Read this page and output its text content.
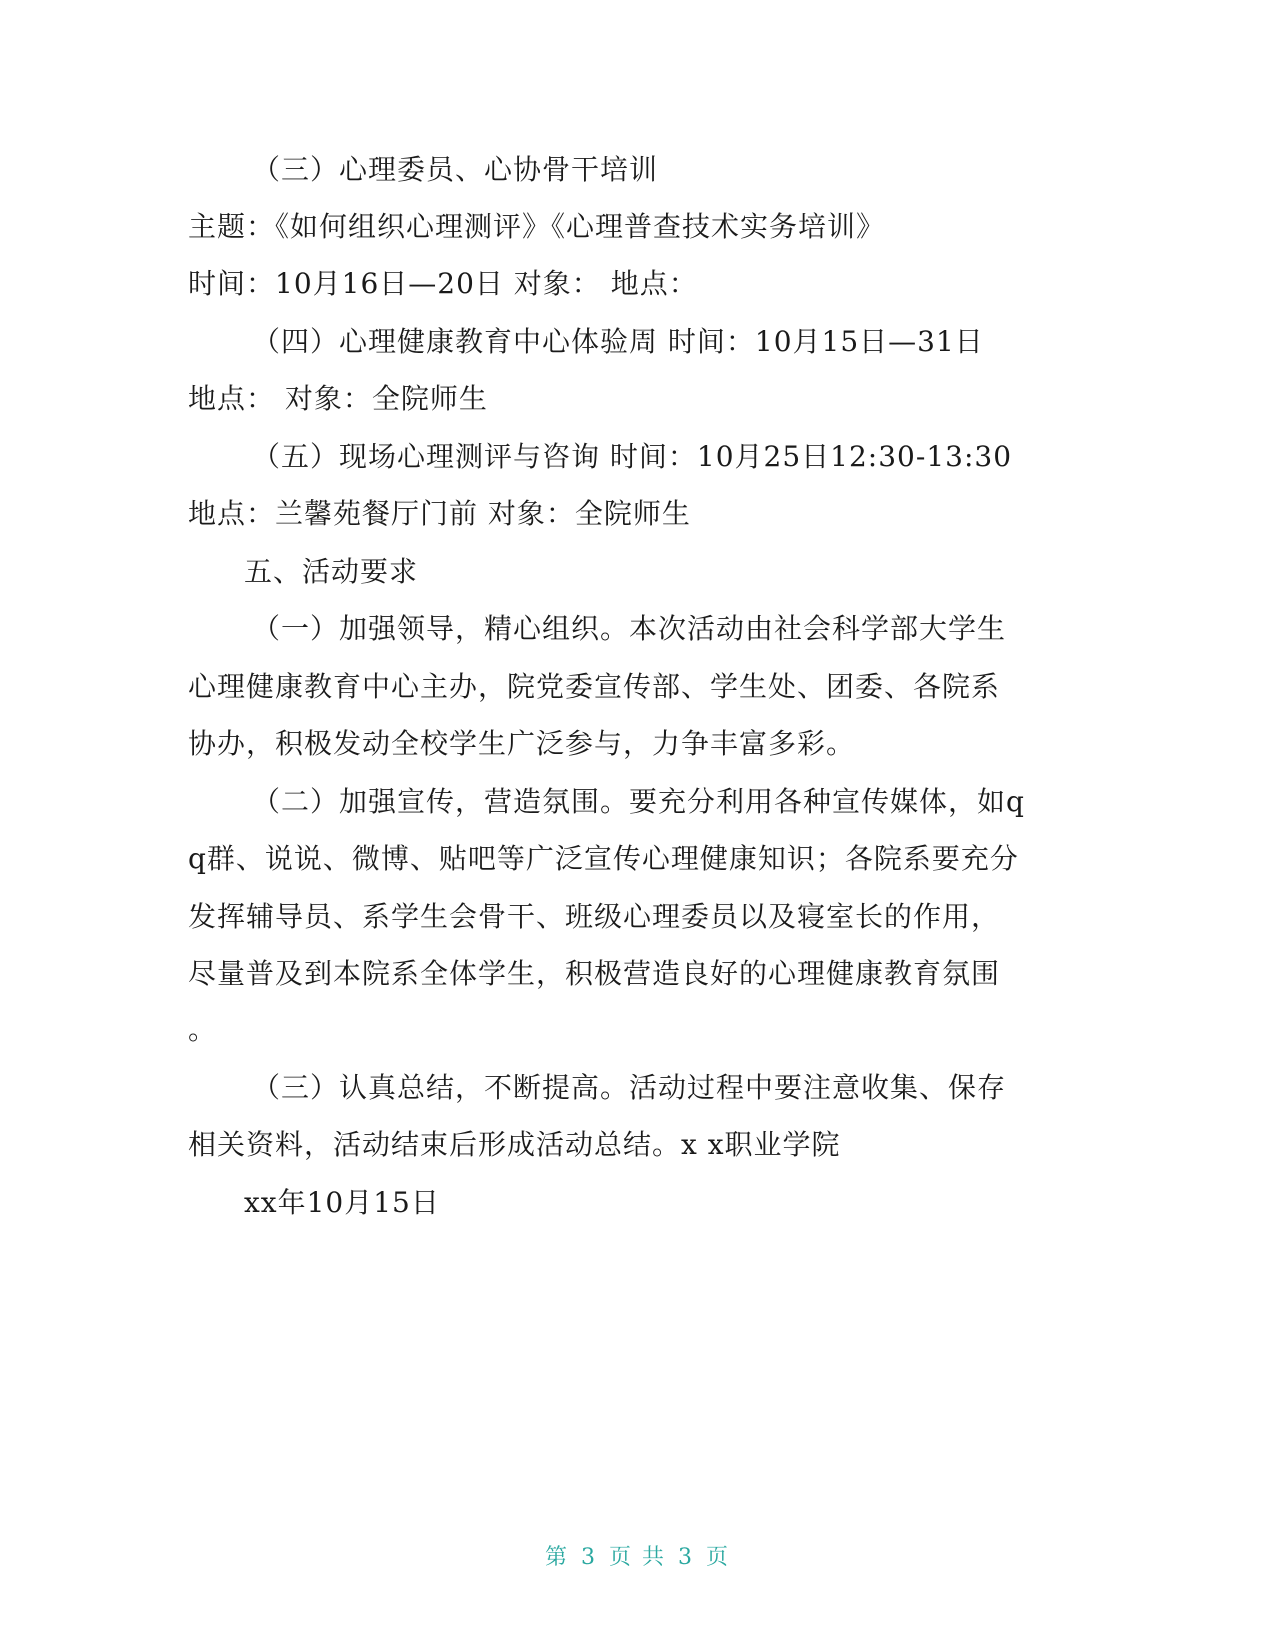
（三）心理委员、心协骨干培训
主题：《如何组织心理测评》《心理普查技术实务培训》
时间：10月16日—20日 对象： 地点：
（四）心理健康教育中心体验周 时间：10月15日—31日
地点： 对象：全院师生
（五）现场心理测评与咨询 时间：10月25日12:30-13:30
地点：兰馨苑餐厅门前 对象：全院师生
五、活动要求
（一）加强领导，精心组织。本次活动由社会科学部大学生
心理健康教育中心主办，院党委宣传部、学生处、团委、各院系
协办，积极发动全校学生广泛参与，力争丰富多彩。
（二）加强宣传，营造氛围。要充分利用各种宣传媒体，如q
q群、说说、微博、贴吧等广泛宣传心理健康知识；各院系要充分
发挥辅导员、系学生会骨干、班级心理委员以及寝室长的作用，
尽量普及到本院系全体学生，积极营造良好的心理健康教育氛围
。
（三）认真总结，不断提高。活动过程中要注意收集、保存
相关资料，活动结束后形成活动总结。x x职业学院
xx年10月15日
第 3 页 共 3 页
